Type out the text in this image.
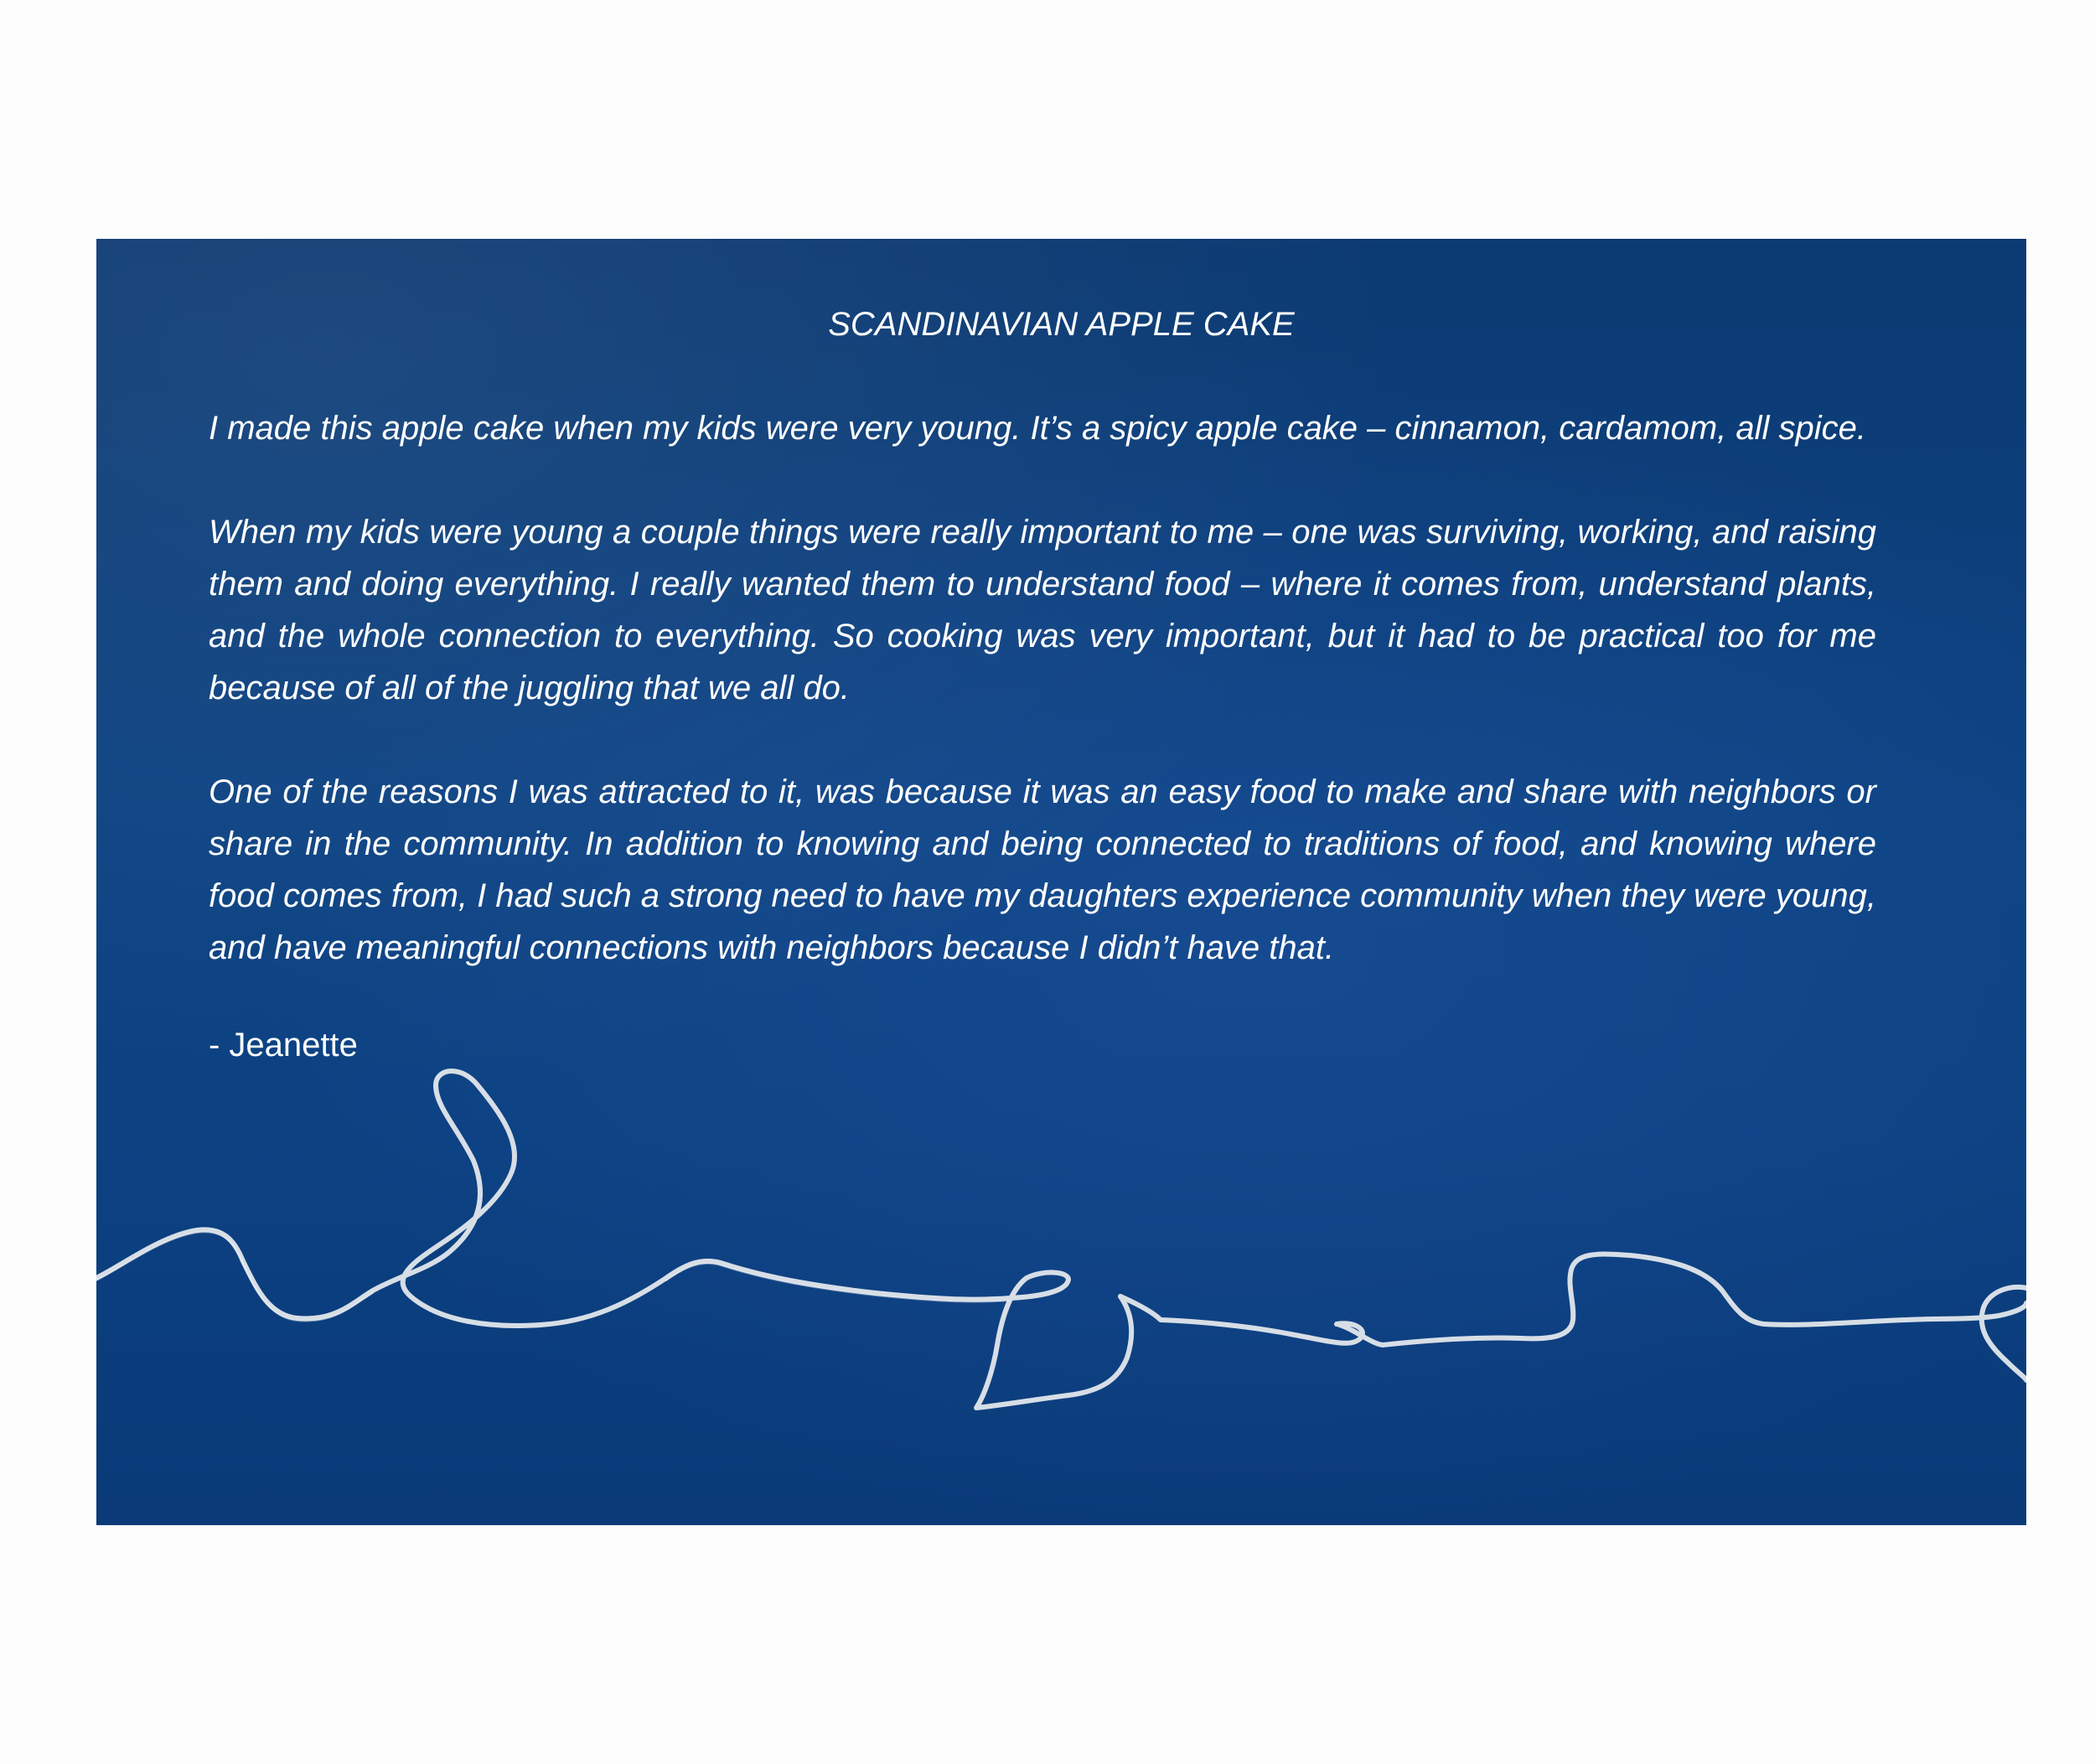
SCANDINAVIAN APPLE CAKE

I made this apple cake when my kids were very young. It’s a spicy apple cake – cinnamon, cardamom, all spice.

When my kids were young a couple things were really important to me – one was surviving, working, and raising them and doing everything. I really wanted them to understand food – where it comes from, understand plants, and the whole connection to everything. So cooking was very important, but it had to be practical too for me because of all of the juggling that we all do.

One of the reasons I was attracted to it, was because it was an easy food to make and share with neighbors or share in the community. In addition to knowing and being connected to traditions of food, and knowing where food comes from, I had such a strong need to have my daughters experience community when they were young, and have meaningful connections with neighbors because I didn’t have that.

- Jeanette
